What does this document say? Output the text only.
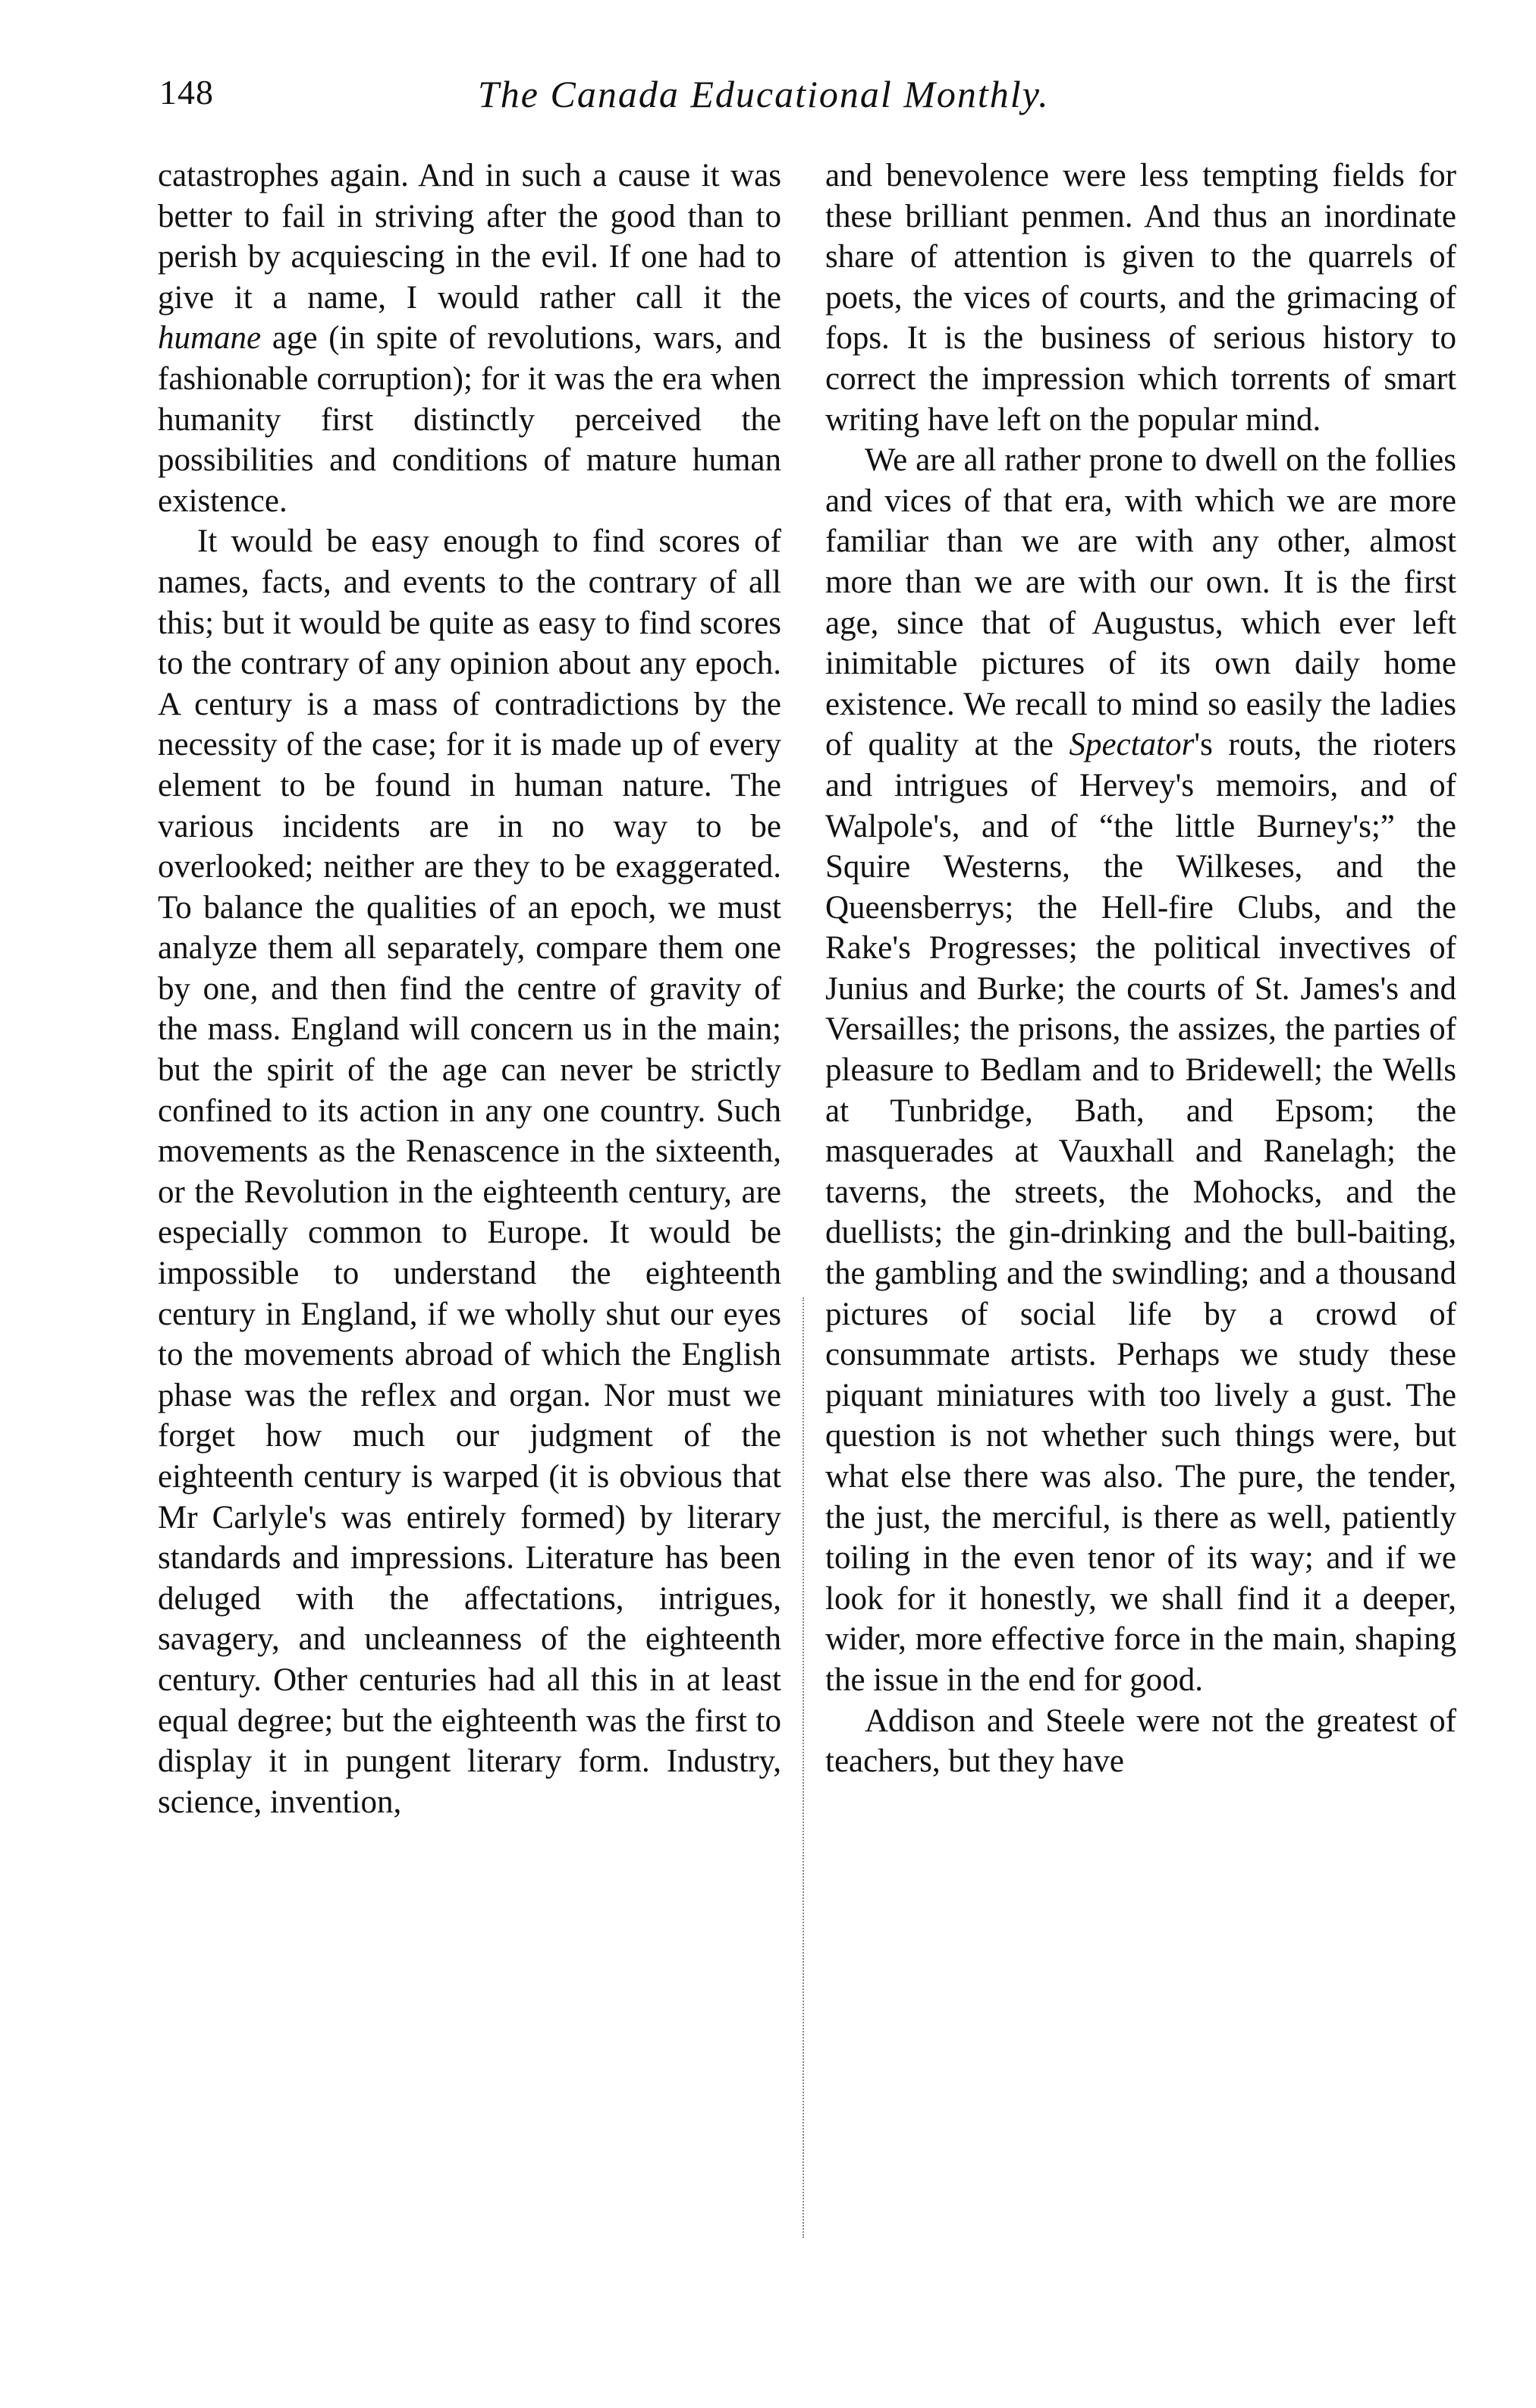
148	The Canada Educational Monthly.

catastrophes again. And in such a cause it was better to fail in striving after the good than to perish by acquiescing in the evil. If one had to give it a name, I would rather call it the humane age (in spite of revolutions, wars, and fashionable corruption); for it was the era when humanity first distinctly perceived the possibilities and conditions of mature human existence.

It would be easy enough to find scores of names, facts, and events to the contrary of all this; but it would be quite as easy to find scores to the contrary of any opinion about any epoch. A century is a mass of contradictions by the necessity of the case; for it is made up of every element to be found in human nature. The various incidents are in no way to be overlooked; neither are they to be exaggerated. To balance the qualities of an epoch, we must analyze them all separately, compare them one by one, and then find the centre of gravity of the mass. England will concern us in the main; but the spirit of the age can never be strictly confined to its action in any one country. Such movements as the Renascence in the sixteenth, or the Revolution in the eighteenth century, are especially common to Europe. It would be impossible to understand the eighteenth century in England, if we wholly shut our eyes to the movements abroad of which the English phase was the reflex and organ. Nor must we forget how much our judgment of the eighteenth century is warped (it is obvious that Mr Carlyle's was entirely formed) by literary standards and impressions. Literature has been deluged with the affectations, intrigues, savagery, and uncleanness of the eighteenth century. Other centuries had all this in at least equal degree; but the eighteenth was the first to display it in pungent literary form. Industry, science, invention,

and benevolence were less tempting fields for these brilliant penmen. And thus an inordinate share of attention is given to the quarrels of poets, the vices of courts, and the grimacing of fops. It is the business of serious history to correct the impression which torrents of smart writing have left on the popular mind.

We are all rather prone to dwell on the follies and vices of that era, with which we are more familiar than we are with any other, almost more than we are with our own. It is the first age, since that of Augustus, which ever left inimitable pictures of its own daily home existence. We recall to mind so easily the ladies of quality at the Spectator's routs, the rioters and intrigues of Hervey's memoirs, and of Walpole's, and of “the little Burney's;” the Squire Westerns, the Wilkeses, and the Queensberrys; the Hell-fire Clubs, and the Rake's Progresses; the political invectives of Junius and Burke; the courts of St. James's and Versailles; the prisons, the assizes, the parties of pleasure to Bedlam and to Bridewell; the Wells at Tunbridge, Bath, and Epsom; the masquerades at Vauxhall and Ranelagh; the taverns, the streets, the Mohocks, and the duellists; the gin-drinking and the bull-baiting, the gambling and the swindling; and a thousand pictures of social life by a crowd of consummate artists. Perhaps we study these piquant miniatures with too lively a gust. The question is not whether such things were, but what else there was also. The pure, the tender, the just, the merciful, is there as well, patiently toiling in the even tenor of its way; and if we look for it honestly, we shall find it a deeper, wider, more effective force in the main, shaping the issue in the end for good.

Addison and Steele were not the greatest of teachers, but they have
